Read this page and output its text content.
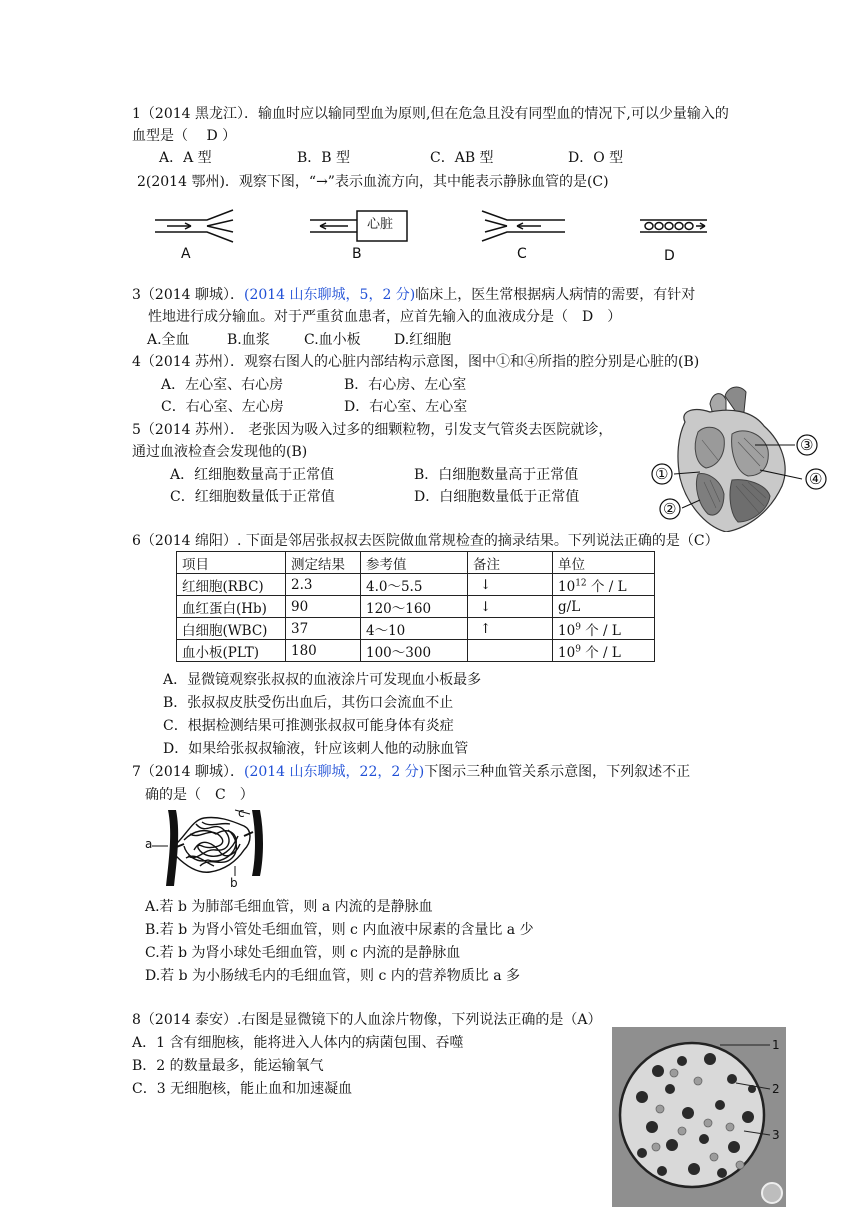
1（2014 黑龙江）．输血时应以输同型血为原则,但在危急且没有同型血的情况下,可以少量输入的
血型是（　 D ）
A．A 型	B．B 型	C．AB 型	D．O 型
2(2014 鄂州)．观察下图，“→”表示血流方向，其中能表示静脉血管的是(C)
心脏
A	B	C	D
3（2014 聊城）．(2014 山东聊城，5，2 分)临床上，医生常根据病人病情的需要，有针对
性地进行成分输血。对于严重贫血患者，应首先输入的血液成分是（　D　）
A.全血	B.血浆 C.血小板 D.红细胞
4（2014 苏州）．观察右图人的心脏内部结构示意图，图中①和④所指的腔分别是心脏的(B)
A．左心室、右心房	B．右心房、左心室
C．右心室、左心房	D．右心室、左心室
5（2014 苏州）． 老张因为吸入过多的细颗粒物，引发支气管炎去医院就诊，
通过血液检查会发现他的(B)
A．红细胞数量高于正常值	B．白细胞数量高于正常值
C．红细胞数量低于正常值	D．白细胞数量低于正常值
③
④
①
②
6（2014 绵阳）. 下面是邻居张叔叔去医院做血常规检查的摘录结果。下列说法正确的是（C）
项目	测定结果	参考值	备注	单位
红细胞(RBC)	2.3	4.0～5.5	↓	$10^{12}$ 个 / L
血红蛋白(Hb)	90	120～160	↓	g/L
白细胞(WBC)	37	4～10	↑	$10^9$ 个 / L
血小板(PLT)	180	100～300		$10^9$ 个 / L
A．显微镜观察张叔叔的血液涂片可发现血小板最多
B．张叔叔皮肤受伤出血后，其伤口会流血不止
C．根据检测结果可推测张叔叔可能身体有炎症
D．如果给张叔叔输液，针应该刺人他的动脉血管
7（2014 聊城）．(2014 山东聊城，22，2 分)下图示三种血管关系示意图，下列叙述不正
确的是（　C　）
a
b
c
A.若 b 为肺部毛细血管，则 a 内流的是静脉血
B.若 b 为肾小管处毛细血管，则 c 内血液中尿素的含量比 a 少
C.若 b 为肾小球处毛细血管，则 c 内流的是静脉血
D.若 b 为小肠绒毛内的毛细血管，则 c 内的营养物质比 a 多
8（2014 泰安）.右图是显微镜下的人血涂片物像，下列说法正确的是（A）
A．1 含有细胞核，能将进入人体内的病菌包围、吞噬
B．2 的数量最多，能运输氧气
C．3 无细胞核，能止血和加速凝血
1
2
3
